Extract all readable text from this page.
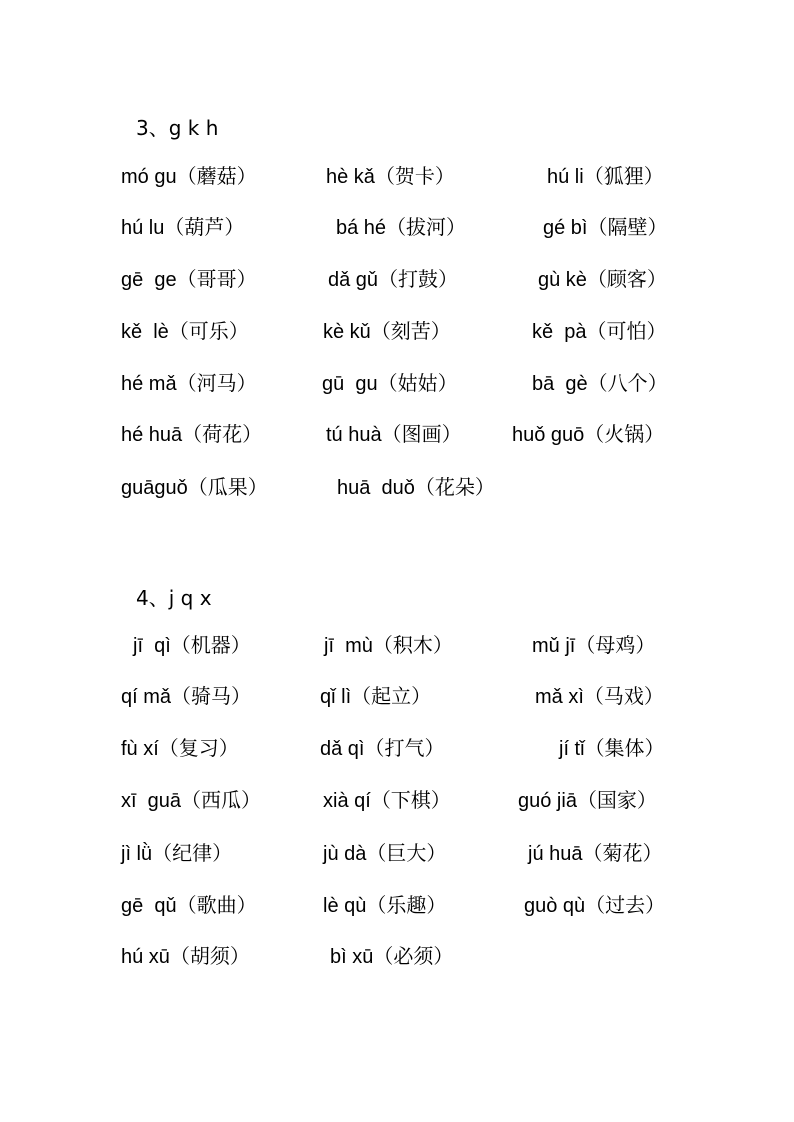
3、g k h
mó gu（蘑菇）	hè kǎ（贺卡）	hú li（狐狸）
hú lu（葫芦）	bá hé（拔河）	gé bì（隔壁）
gē  ge（哥哥）	dǎ gǔ（打鼓）	gù kè（顾客）
kě  lè（可乐）	kè kǔ（刻苦）	kě  pà（可怕）
hé mǎ（河马）	gū  gu（姑姑）	bā  gè（八个）
hé huā（荷花）	tú huà（图画）	huǒ guō（火锅）
guāguǒ（瓜果）	huā  duǒ（花朵）
4、j q x
jī  qì（机器）	jī  mù（积木）	mǔ jī（母鸡）
qí mǎ（骑马）	qǐ lì（起立）	mǎ xì（马戏）
fù xí（复习）	dǎ qì（打气）	jí tǐ（集体）
xī  guā（西瓜）	xià qí（下棋）	guó jiā（国家）
jì lǜ（纪律）	jù dà（巨大）	jú huā（菊花）
gē  qǔ（歌曲）	lè qù（乐趣）	guò qù（过去）
hú xū（胡须）	bì xū（必须）
